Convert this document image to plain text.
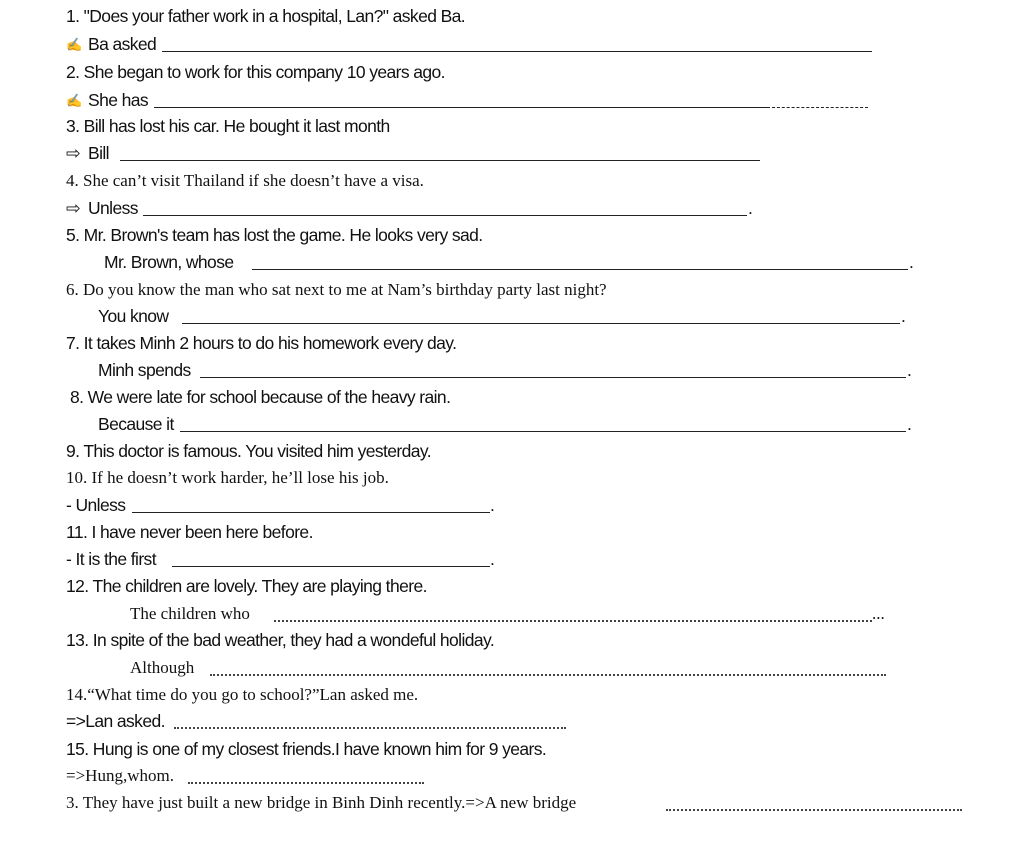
1. "Does your father work in a hospital, Lan?" asked Ba.
✍ Ba asked
2. She began to work for this company 10 years ago.
✍ She has
3. Bill has lost his car. He bought it last month
⇨ Bill
4. She can’t visit Thailand if she doesn’t have a visa.
⇨ Unless	.
5. Mr. Brown's team has lost the game. He looks very sad.
Mr. Brown, whose	.
6. Do you know the man who sat next to me at Nam’s birthday party last night?
You know	.
7. It takes Minh 2 hours to do his homework every day.
Minh spends	.
8. We were late for school because of the heavy rain.
Because it	.
9. This doctor is famous. You visited him yesterday.
10. If he doesn’t work harder, he’ll lose his job.
- Unless	.
11. I have never been here before.
- It is the first	.
12. The children are lovely. They are playing there.
The children who	...
13. In spite of the bad weather, they had a wondeful holiday.
Although
14.“What time do you go to school?”Lan asked me.
=>Lan asked.
15. Hung is one of my closest friends.I have known him for 9 years.
=>Hung,whom.
3. They have just built a new bridge in Binh Dinh recently.=>A new bridge
